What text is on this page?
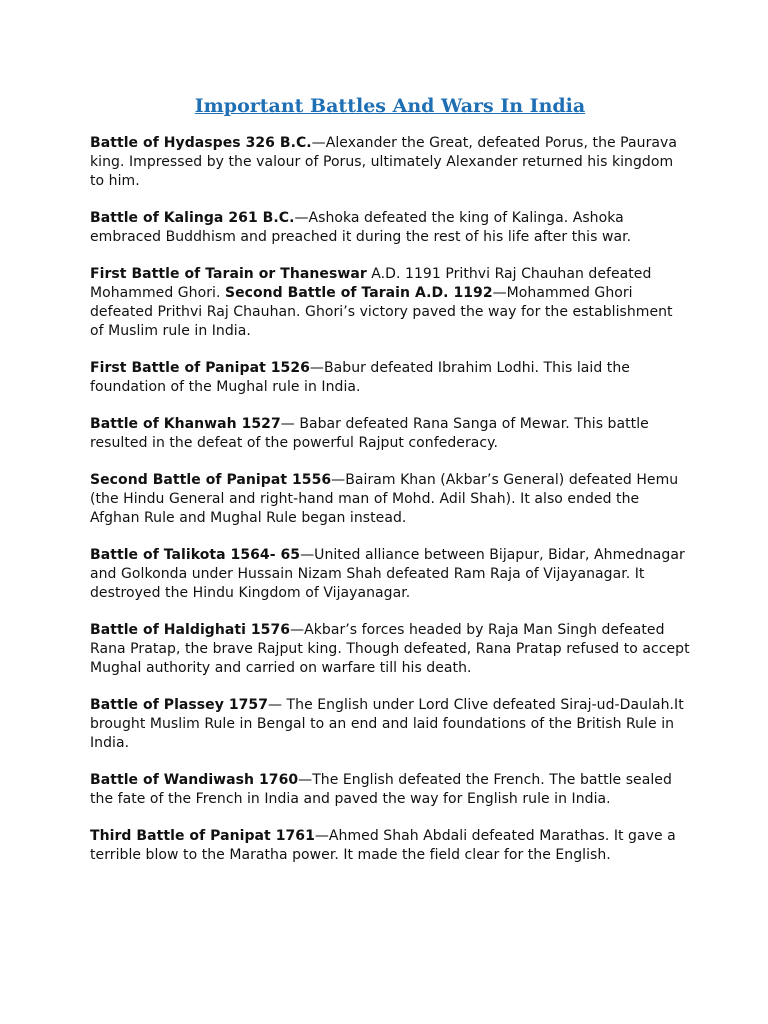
Important Battles And Wars In India

Battle of Hydaspes 326 B.C.—Alexander the Great, defeated Porus, the Paurava king. Impressed by the valour of Porus, ultimately Alexander returned his kingdom to him.

Battle of Kalinga 261 B.C.—Ashoka defeated the king of Kalinga. Ashoka embraced Buddhism and preached it during the rest of his life after this war.

First Battle of Tarain or Thaneswar A.D. 1191 Prithvi Raj Chauhan defeated Mohammed Ghori. Second Battle of Tarain A.D. 1192—Mohammed Ghori defeated Prithvi Raj Chauhan. Ghori’s victory paved the way for the establishment of Muslim rule in India.

First Battle of Panipat 1526—Babur defeated Ibrahim Lodhi. This laid the foundation of the Mughal rule in India.

Battle of Khanwah 1527— Babar defeated Rana Sanga of Mewar. This battle resulted in the defeat of the powerful Rajput confederacy.

Second Battle of Panipat 1556—Bairam Khan (Akbar’s General) defeated Hemu (the Hindu General and right-hand man of Mohd. Adil Shah). It also ended the Afghan Rule and Mughal Rule began instead.

Battle of Talikota 1564- 65—United alliance between Bijapur, Bidar, Ahmednagar and Golkonda under Hussain Nizam Shah defeated Ram Raja of Vijayanagar. It destroyed the Hindu Kingdom of Vijayanagar.

Battle of Haldighati 1576—Akbar’s forces headed by Raja Man Singh defeated Rana Pratap, the brave Rajput king. Though defeated, Rana Pratap refused to accept Mughal authority and carried on warfare till his death.

Battle of Plassey 1757— The English under Lord Clive defeated Siraj-ud-Daulah.It brought Muslim Rule in Bengal to an end and laid foundations of the British Rule in India.

Battle of Wandiwash 1760—The English defeated the French. The battle sealed the fate of the French in India and paved the way for English rule in India.

Third Battle of Panipat 1761—Ahmed Shah Abdali defeated Marathas. It gave a terrible blow to the Maratha power. It made the field clear for the English.
